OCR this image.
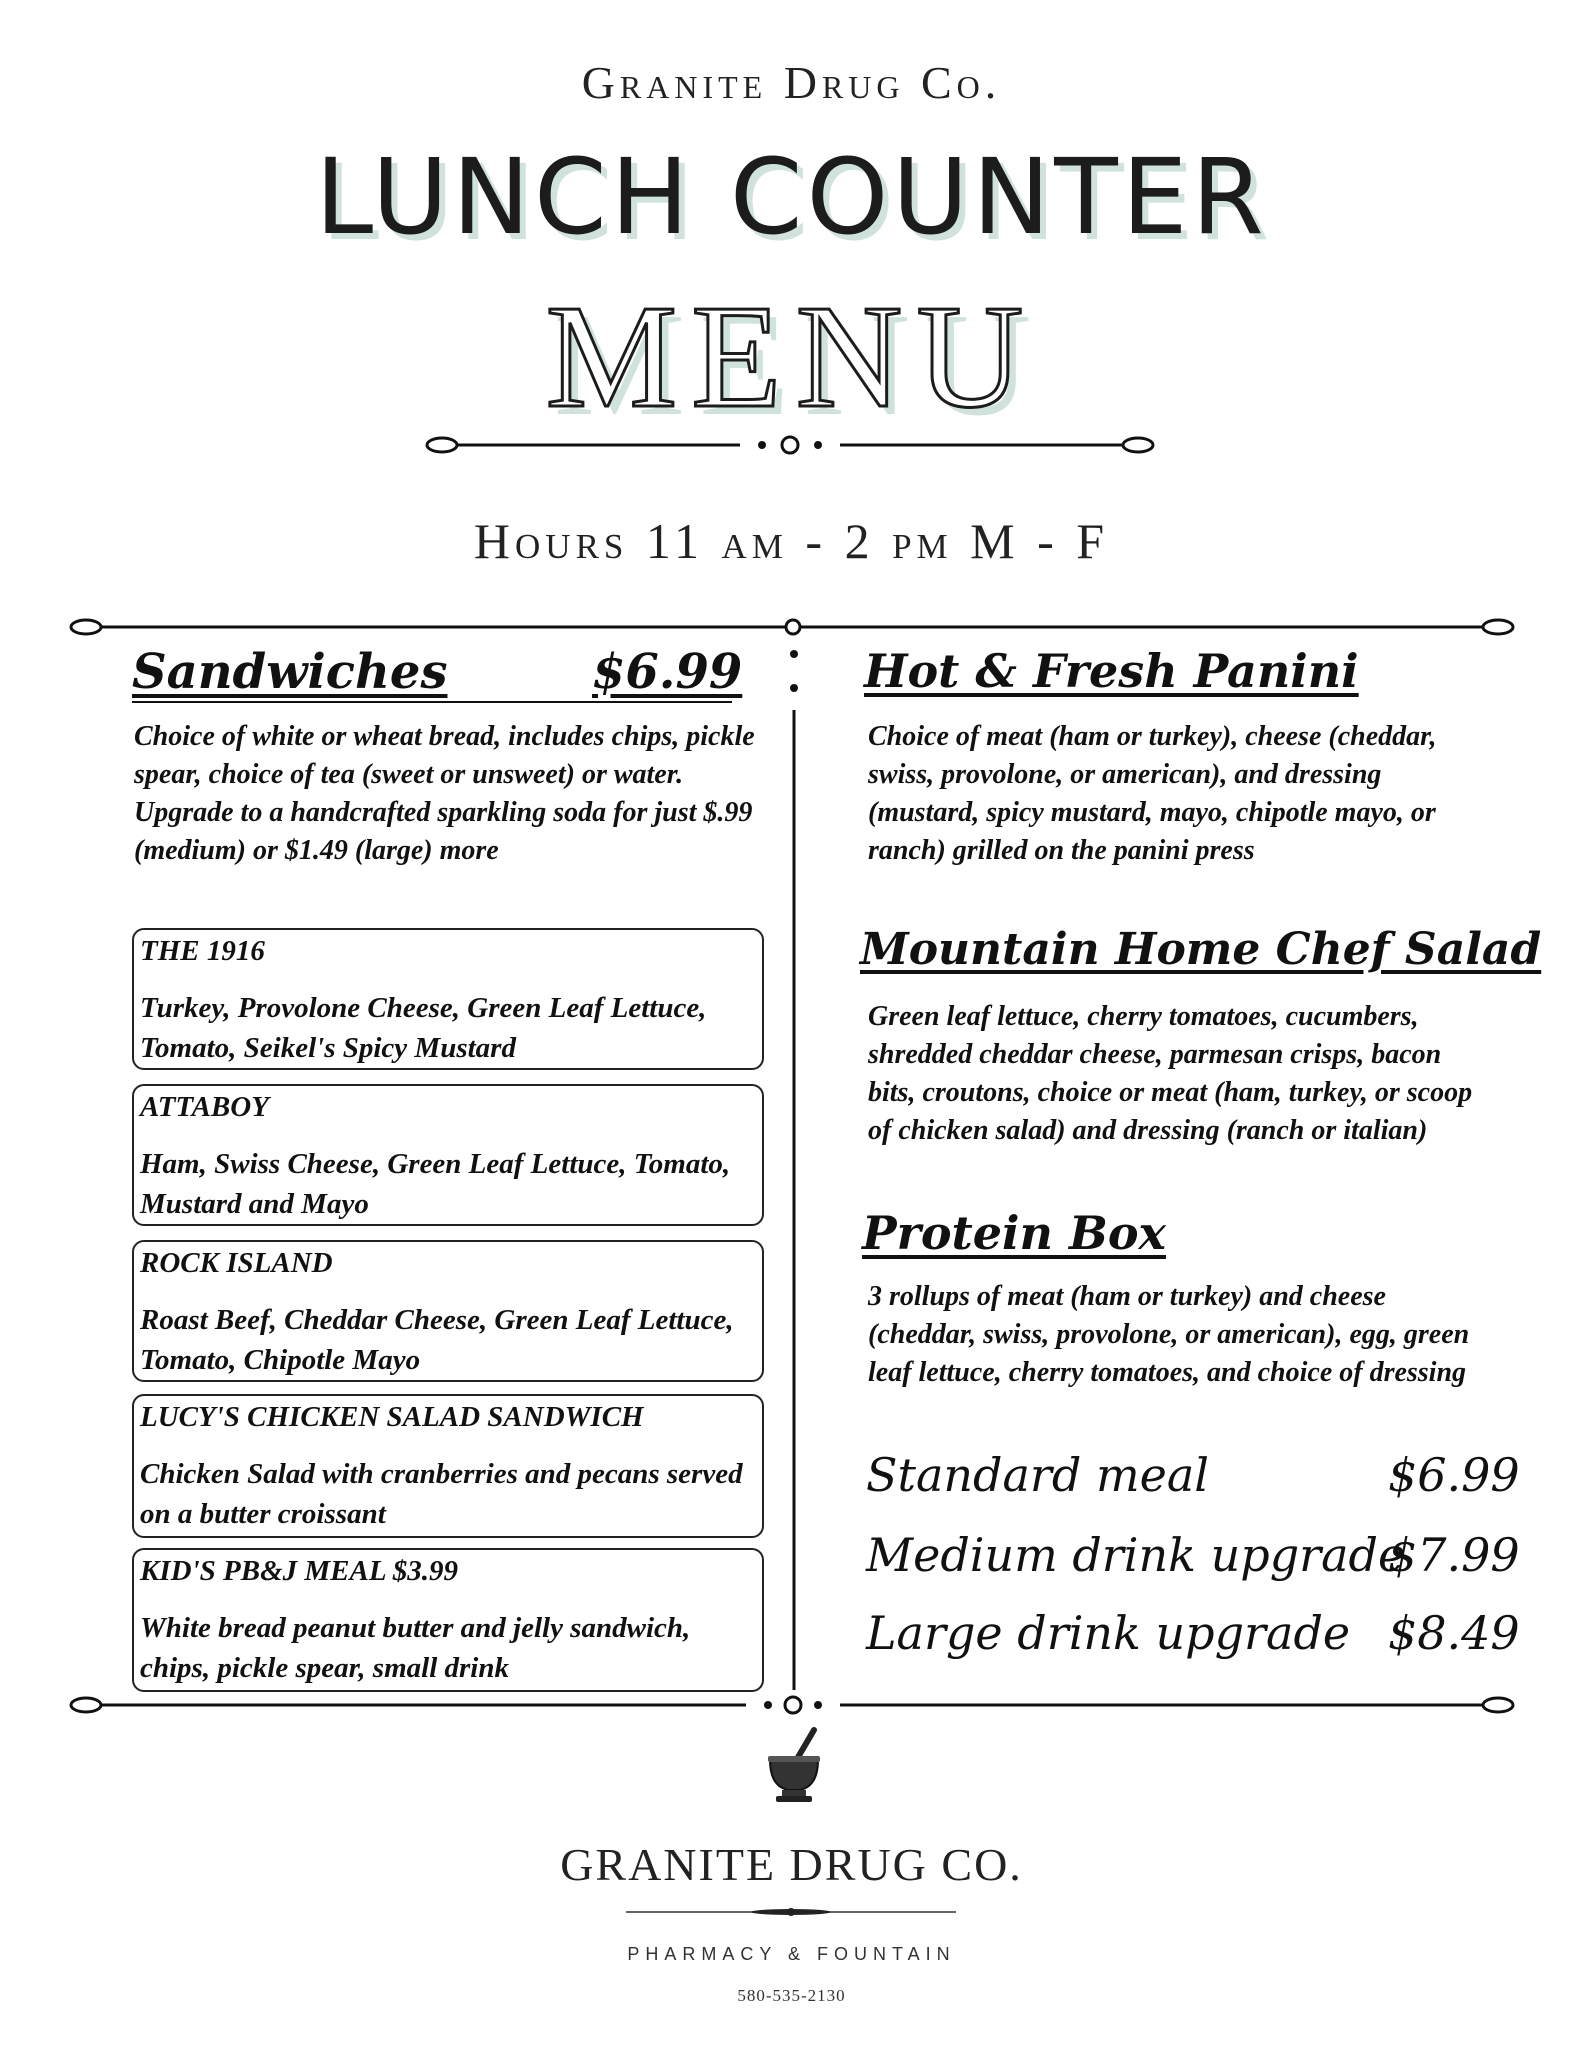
Granite Drug Co.
LUNCH COUNTER
MENU
Hours 11 am - 2 pm M - F
Sandwiches	$6.99
Choice of white or wheat bread, includes chips, pickle spear, choice of tea (sweet or unsweet) or water. Upgrade to a handcrafted sparkling soda for just $.99 (medium) or $1.49 (large) more
THE 1916
Turkey, Provolone Cheese, Green Leaf Lettuce, Tomato, Seikel's Spicy Mustard
ATTABOY
Ham, Swiss Cheese, Green Leaf Lettuce, Tomato, Mustard and Mayo
ROCK ISLAND
Roast Beef, Cheddar Cheese, Green Leaf Lettuce, Tomato, Chipotle Mayo
LUCY'S CHICKEN SALAD SANDWICH
Chicken Salad with cranberries and pecans served on a butter croissant
KID'S PB&J MEAL $3.99
White bread peanut butter and jelly sandwich, chips, pickle spear, small drink
Hot & Fresh Panini
Choice of meat (ham or turkey), cheese (cheddar, swiss, provolone, or american), and dressing (mustard, spicy mustard, mayo, chipotle mayo, or ranch) grilled on the panini press
Mountain Home Chef Salad
Green leaf lettuce, cherry tomatoes, cucumbers, shredded cheddar cheese, parmesan crisps, bacon bits, croutons, choice or meat (ham, turkey, or scoop of chicken salad) and dressing (ranch or italian)
Protein Box
3 rollups of meat (ham or turkey) and cheese (cheddar, swiss, provolone, or american), egg, green leaf lettuce, cherry tomatoes, and choice of dressing
Standard meal	$6.99
Medium drink upgrade
$7.99
Large drink upgrade $8.49
GRANITE DRUG CO.
PHARMACY & FOUNTAIN
580-535-2130
